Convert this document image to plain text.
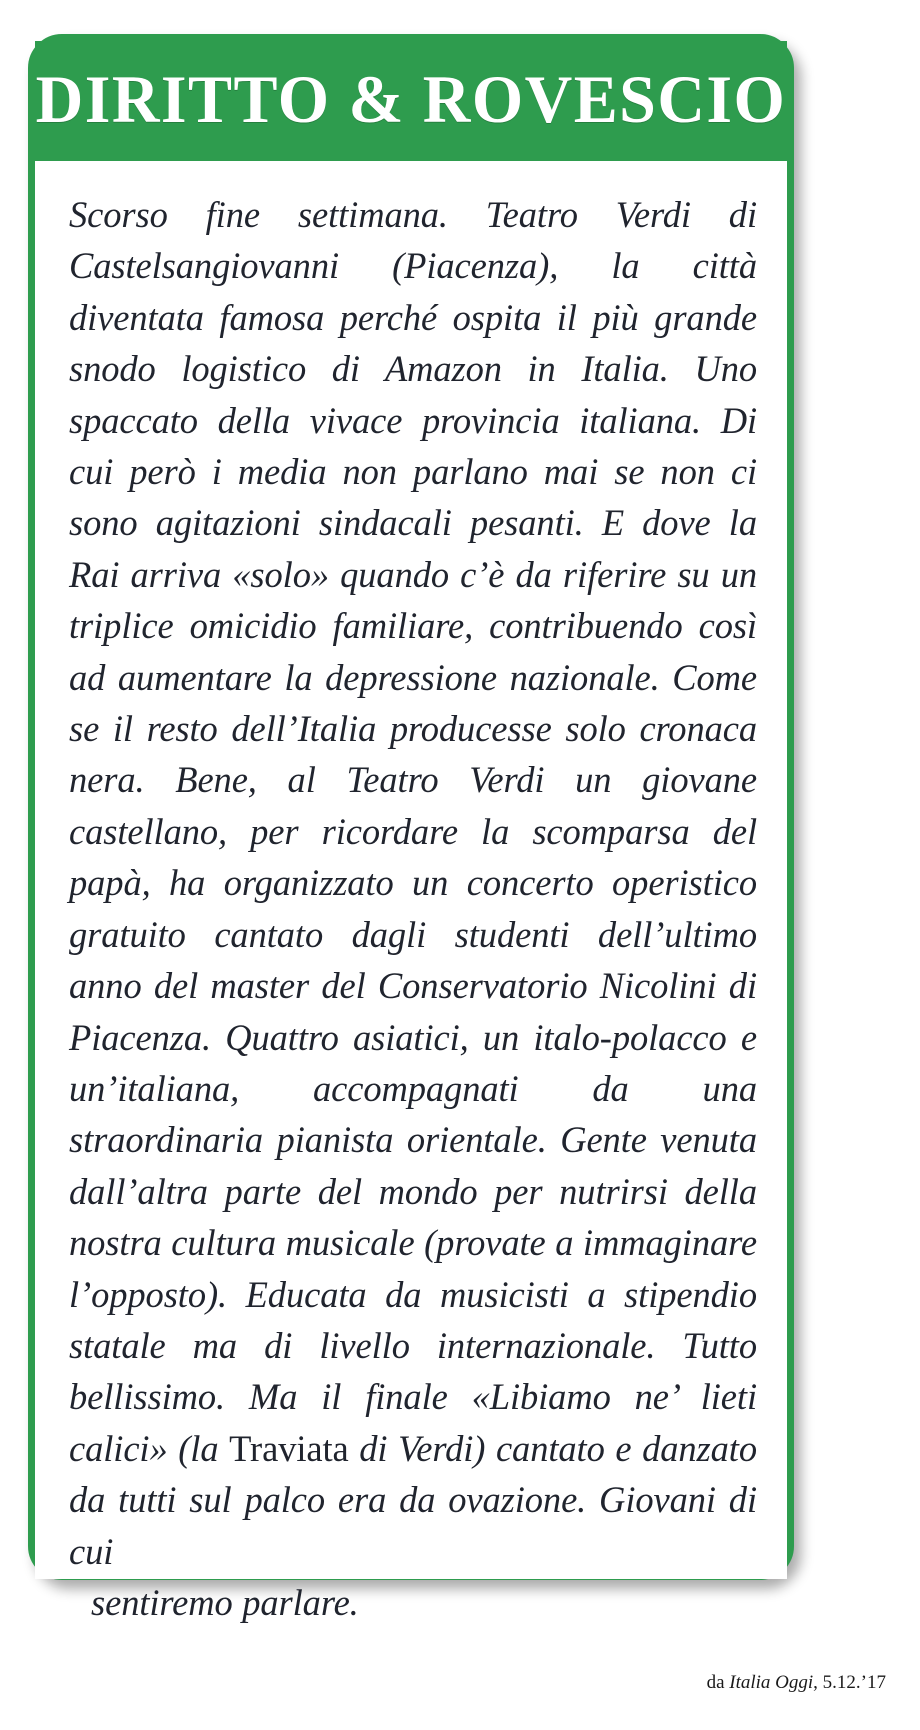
DIRITTO & ROVESCIO

Scorso fine settimana. Teatro Verdi di Castelsangiovanni (Piacenza), la città diventata famosa perché ospita il più grande snodo logistico di Amazon in Italia. Uno spaccato della vivace provincia italiana. Di cui però i media non parlano mai se non ci sono agitazioni sindacali pesanti. E dove la Rai arriva «solo» quando c’è da riferire su un triplice omicidio familiare, contribuendo così ad aumentare la depressione nazionale. Come se il resto dell’Italia producesse solo cronaca nera. Bene, al Teatro Verdi un giovane castellano, per ricordare la scomparsa del papà, ha organizzato un concerto operistico gratuito cantato dagli studenti dell’ultimo anno del master del Conservatorio Nicolini di Piacenza. Quattro asiatici, un italo-polacco e un’italiana, accompagnati da una straordinaria pianista orientale. Gente venuta dall’altra parte del mondo per nutrirsi della nostra cultura musicale (provate a immaginare l’opposto). Educata da musicisti a stipendio statale ma di livello internazionale. Tutto bellissimo. Ma il finale «Libiamo ne’ lieti calici» (la Traviata di Verdi) cantato e danzato da tutti sul palco era da ovazione. Giovani di cui
sentiremo parlare.

da Italia Oggi, 5.12.’17
